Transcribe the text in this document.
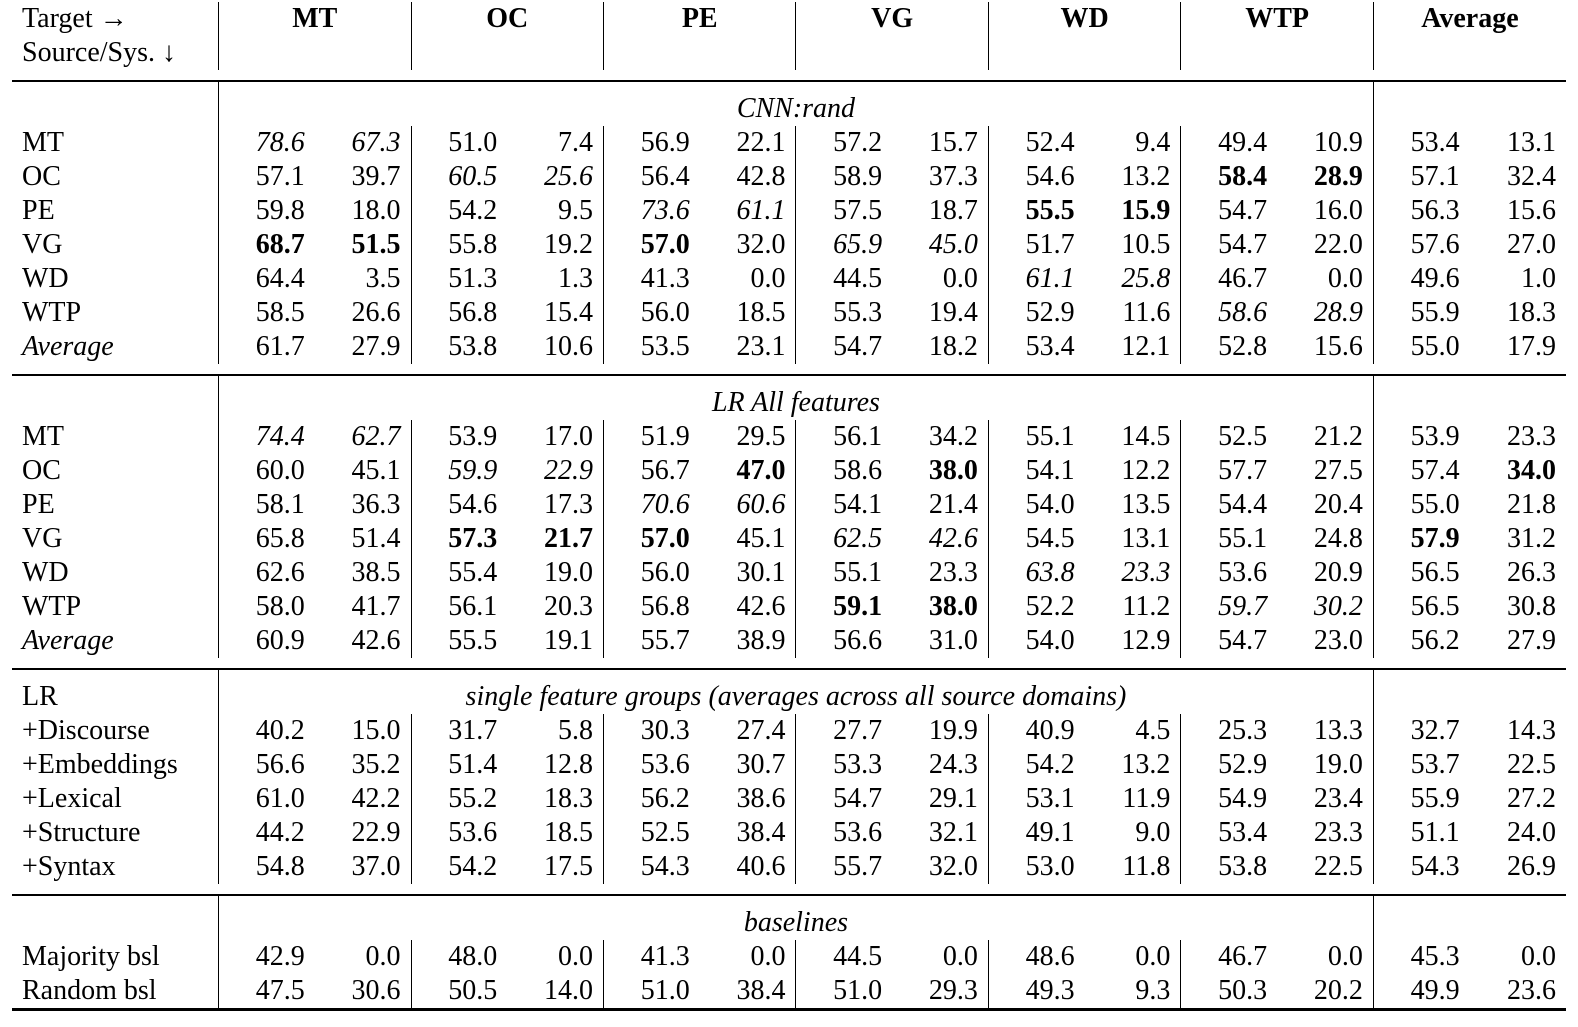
Target →	MT		OC		PE		VG		WD		WTP		Average	
Source/Sys. ↓														

	CNN:rand													
MT	78.6	67.3	51.0	7.4	56.9	22.1	57.2	15.7	52.4	9.4	49.4	10.9	53.4	13.1
OC	57.1	39.7	60.5	25.6	56.4	42.8	58.9	37.3	54.6	13.2	58.4	28.9	57.1	32.4
PE	59.8	18.0	54.2	9.5	73.6	61.1	57.5	18.7	55.5	15.9	54.7	16.0	56.3	15.6
VG	68.7	51.5	55.8	19.2	57.0	32.0	65.9	45.0	51.7	10.5	54.7	22.0	57.6	27.0
WD	64.4	3.5	51.3	1.3	41.3	0.0	44.5	0.0	61.1	25.8	46.7	0.0	49.6	1.0
WTP	58.5	26.6	56.8	15.4	56.0	18.5	55.3	19.4	52.9	11.6	58.6	28.9	55.9	18.3
Average	61.7	27.9	53.8	10.6	53.5	23.1	54.7	18.2	53.4	12.1	52.8	15.6	55.0	17.9

	LR All features													
MT	74.4	62.7	53.9	17.0	51.9	29.5	56.1	34.2	55.1	14.5	52.5	21.2	53.9	23.3
OC	60.0	45.1	59.9	22.9	56.7	47.0	58.6	38.0	54.1	12.2	57.7	27.5	57.4	34.0
PE	58.1	36.3	54.6	17.3	70.6	60.6	54.1	21.4	54.0	13.5	54.4	20.4	55.0	21.8
VG	65.8	51.4	57.3	21.7	57.0	45.1	62.5	42.6	54.5	13.1	55.1	24.8	57.9	31.2
WD	62.6	38.5	55.4	19.0	56.0	30.1	55.1	23.3	63.8	23.3	53.6	20.9	56.5	26.3
WTP	58.0	41.7	56.1	20.3	56.8	42.6	59.1	38.0	52.2	11.2	59.7	30.2	56.5	30.8
Average	60.9	42.6	55.5	19.1	55.7	38.9	56.6	31.0	54.0	12.9	54.7	23.0	56.2	27.9

LR	single feature groups (averages across all source domains)													
+Discourse	40.2	15.0	31.7	5.8	30.3	27.4	27.7	19.9	40.9	4.5	25.3	13.3	32.7	14.3
+Embeddings	56.6	35.2	51.4	12.8	53.6	30.7	53.3	24.3	54.2	13.2	52.9	19.0	53.7	22.5
+Lexical	61.0	42.2	55.2	18.3	56.2	38.6	54.7	29.1	53.1	11.9	54.9	23.4	55.9	27.2
+Structure	44.2	22.9	53.6	18.5	52.5	38.4	53.6	32.1	49.1	9.0	53.4	23.3	51.1	24.0
+Syntax	54.8	37.0	54.2	17.5	54.3	40.6	55.7	32.0	53.0	11.8	53.8	22.5	54.3	26.9

	baselines													
Majority bsl	42.9	0.0	48.0	0.0	41.3	0.0	44.5	0.0	48.6	0.0	46.7	0.0	45.3	0.0
Random bsl	47.5	30.6	50.5	14.0	51.0	38.4	51.0	29.3	49.3	9.3	50.3	20.2	49.9	23.6
